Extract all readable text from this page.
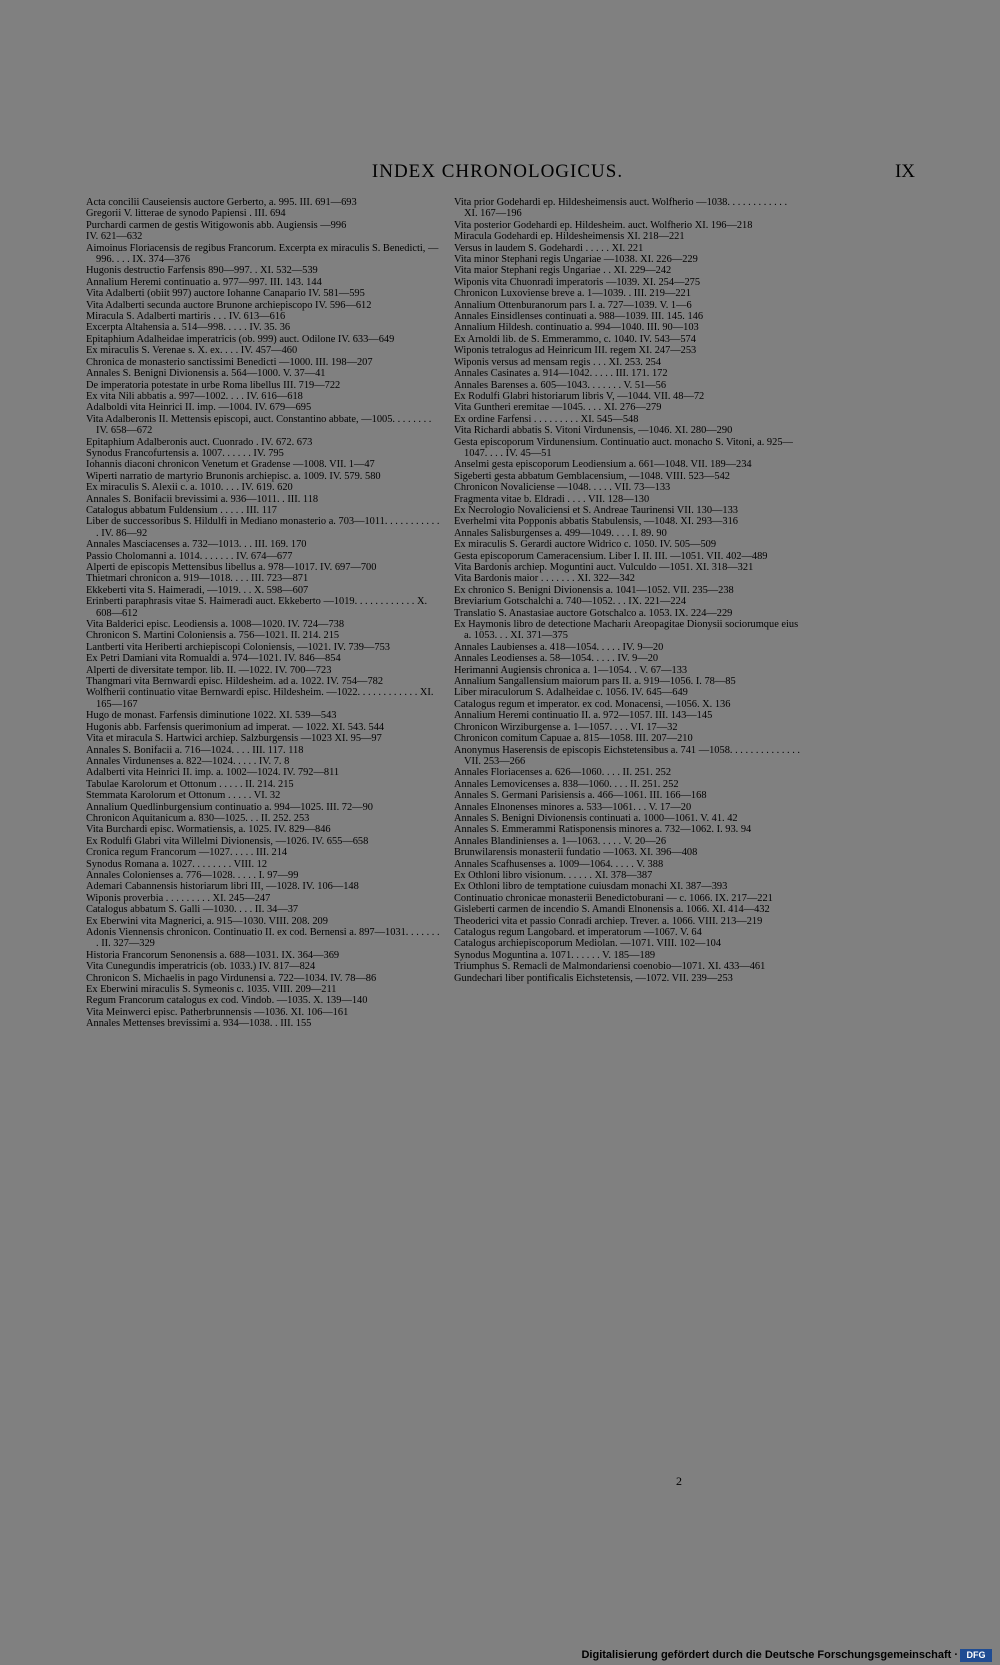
INDEX CHRONOLOGICUS.	IX

Acta concilii Causeiensis auctore Gerberto, a. 995. III. 691—693

Gregorii V. litterae de synodo Papiensi . III. 694

Purchardi carmen de gestis Witigowonis abb. Augiensis —996

IV. 621—632

Aimoinus Floriacensis de regibus Francorum. Excerpta ex miraculis S. Benedicti, —996. . . . IX. 374—376

Hugonis destructio Farfensis 890—997. . XI. 532—539

Annalium Heremi continuatio a. 977—997. III. 143. 144

Vita Adalberti (obiit 997) auctore Iohanne Canapario IV. 581—595

Vita Adalberti secunda auctore Brunone archiepiscopo IV. 596—612

Miracula S. Adalberti martiris . . . IV. 613—616

Excerpta Altahensia a. 514—998. . . . . IV. 35. 36

Epitaphium Adalheidae imperatricis (ob. 999) auct. Odilone IV. 633—649

Ex miraculis S. Verenae s. X. ex. . . . IV. 457—460

Chronica de monasterio sanctissimi Benedicti —1000. III. 198—207

Annales S. Benigni Divionensis a. 564—1000. V. 37—41

De imperatoria potestate in urbe Roma libellus III. 719—722

Ex vita Nili abbatis a. 997—1002. . . . IV. 616—618

Adalboldi vita Heinrici II. imp. —1004. IV. 679—695

Vita Adalberonis II. Mettensis episcopi, auct. Constantino abbate, —1005. . . . . . . . IV. 658—672

Epitaphium Adalberonis auct. Cuonrado . IV. 672. 673

Synodus Francofurtensis a. 1007. . . . . . IV. 795

Iohannis diaconi chronicon Venetum et Gradense —1008. VII. 1—47

Wiperti narratio de martyrio Brunonis archiepisc. a. 1009. IV. 579. 580

Ex miraculis S. Alexii c. a. 1010. . . . IV. 619. 620

Annales S. Bonifacii brevissimi a. 936—1011. . III. 118

Catalogus abbatum Fuldensium . . . . . III. 117

Liber de successoribus S. Hildulfi in Mediano monasterio a. 703—1011. . . . . . . . . . . . IV. 86—92

Annales Masciacenses a. 732—1013. . . III. 169. 170

Passio Cholomanni a. 1014. . . . . . . IV. 674—677

Alperti de episcopis Mettensibus libellus a. 978—1017. IV. 697—700

Thietmari chronicon a. 919—1018. . . . III. 723—871

Ekkeberti vita S. Haimeradi, —1019. . . X. 598—607

Erinberti paraphrasis vitae S. Haimeradi auct. Ekkeberto —1019. . . . . . . . . . . . X. 608—612

Vita Balderici episc. Leodiensis a. 1008—1020. IV. 724—738

Chronicon S. Martini Coloniensis a. 756—1021. II. 214. 215

Lantberti vita Heriberti archiepiscopi Coloniensis, —1021. IV. 739—753

Ex Petri Damiani vita Romualdi a. 974—1021. IV. 846—854

Alperti de diversitate tempor. lib. II. —1022. IV. 700—723

Thangmari vita Bernwardi episc. Hildesheim. ad a. 1022. IV. 754—782

Wolfherii continuatio vitae Bernwardi episc. Hildesheim. —1022. . . . . . . . . . . . XI. 165—167

Hugo de monast. Farfensis diminutione 1022. XI. 539—543

Hugonis abb. Farfensis querimonium ad imperat. — 1022. XI. 543. 544

Vita et miracula S. Hartwici archiep. Salzburgensis —1023 XI. 95—97

Annales S. Bonifacii a. 716—1024. . . . III. 117. 118

Annales Virdunenses a. 822—1024. . . . . IV. 7. 8

Adalberti vita Heinrici II. imp. a. 1002—1024. IV. 792—811

Tabulae Karolorum et Ottonum . . . . . II. 214. 215

Stemmata Karolorum et Ottonum . . . . . VI. 32

Annalium Quedlinburgensium continuatio a. 994—1025. III. 72—90

Chronicon Aquitanicum a. 830—1025. . . II. 252. 253

Vita Burchardi episc. Wormatiensis, a. 1025. IV. 829—846

Ex Rodulfi Glabri vita Willelmi Divionensis, —1026. IV. 655—658

Cronica regum Francorum —1027. . . . . III. 214

Synodus Romana a. 1027. . . . . . . . VIII. 12

Annales Colonienses a. 776—1028. . . . . I. 97—99

Ademari Cabannensis historiarum libri III, —1028. IV. 106—148

Wiponis proverbia . . . . . . . . . XI. 245—247

Catalogus abbatum S. Galli —1030. . . . II. 34—37

Ex Eberwini vita Magnerici, a. 915—1030. VIII. 208. 209

Adonis Viennensis chronicon. Continuatio II. ex cod. Bernensi a. 897—1031. . . . . . . . II. 327—329

Historia Francorum Senonensis a. 688—1031. IX. 364—369

Vita Cunegundis imperatricis (ob. 1033.) IV. 817—824

Chronicon S. Michaelis in pago Virdunensi a. 722—1034. IV. 78—86

Ex Eberwini miraculis S. Symeonis c. 1035. VIII. 209—211

Regum Francorum catalogus ex cod. Vindob. —1035. X. 139—140

Vita Meinwerci episc. Patherbrunnensis —1036. XI. 106—161

Annales Mettenses brevissimi a. 934—1038. . III. 155

Vita prior Godehardi ep. Hildesheimensis auct. Wolfherio —1038. . . . . . . . . . . . XI. 167—196

Vita posterior Godehardi ep. Hildesheim. auct. Wolfherio XI. 196—218

Miracula Godehardi ep. Hildesheimensis XI. 218—221

Versus in laudem S. Godehardi . . . . . XI. 221

Vita minor Stephani regis Ungariae —1038. XI. 226—229

Vita maior Stephani regis Ungariae . . XI. 229—242

Wiponis vita Chuonradi imperatoris —1039. XI. 254—275

Chronicon Luxoviense breve a. 1—1039. . III. 219—221

Annalium Ottenburanorum pars I. a. 727—1039. V. 1—6

Annales Einsidlenses continuati a. 988—1039. III. 145. 146

Annalium Hildesh. continuatio a. 994—1040. III. 90—103

Ex Arnoldi lib. de S. Emmerammo, c. 1040. IV. 543—574

Wiponis tetralogus ad Heinricum III. regem XI. 247—253

Wiponis versus ad mensam regis . . . XI. 253. 254

Annales Casinates a. 914—1042. . . . . III. 171. 172

Annales Barenses a. 605—1043. . . . . . . V. 51—56

Ex Rodulfi Glabri historiarum libris V, —1044. VII. 48—72

Vita Guntheri eremitae —1045. . . . XI. 276—279

Ex ordine Farfensi . . . . . . . . . XI. 545—548

Vita Richardi abbatis S. Vitoni Virdunensis, —1046. XI. 280—290

Gesta episcoporum Virdunensium. Continuatio auct. monacho S. Vitoni, a. 925—1047. . . . IV. 45—51

Anselmi gesta episcoporum Leodiensium a. 661—1048. VII. 189—234

Sigeberti gesta abbatum Gemblacensium, —1048. VIII. 523—542

Chronicon Novaliciense —1048. . . . . VII. 73—133

Fragmenta vitae b. Eldradi . . . . VII. 128—130

Ex Necrologio Novaliciensi et S. Andreae Taurinensi VII. 130—133

Everhelmi vita Popponis abbatis Stabulensis, —1048. XI. 293—316

Annales Salisburgenses a. 499—1049. . . . I. 89. 90

Ex miraculis S. Gerardi auctore Widrico c. 1050. IV. 505—509

Gesta episcoporum Cameracensium. Liber I. II. III. —1051. VII. 402—489

Vita Bardonis archiep. Moguntini auct. Vulculdo —1051. XI. 318—321

Vita Bardonis maior . . . . . . . XI. 322—342

Ex chronico S. Benigni Divionensis a. 1041—1052. VII. 235—238

Breviarium Gotschalchi a. 740—1052. . . IX. 221—224

Translatio S. Anastasiae auctore Gotschalco a. 1053. IX. 224—229

Ex Haymonis libro de detectione Machariι Areopagitae Dionysii sociorumque eius a. 1053. . . XI. 371—375

Annales Laubienses a. 418—1054. . . . . IV. 9—20

Annales Leodienses a. 58—1054. . . . . IV. 9—20

Herimanni Augiensis chronica a. 1—1054. . V. 67—133

Annalium Sangallensium maiorum pars II. a. 919—1056. I. 78—85

Liber miraculorum S. Adalheidae c. 1056. IV. 645—649

Catalogus regum et imperator. ex cod. Monacensi, —1056. X. 136

Annalium Heremi continuatio II. a. 972—1057. III. 143—145

Chronicon Wirziburgense a. 1—1057. . . . VI. 17—32

Chronicon comitum Capuae a. 815—1058. III. 207—210

Anonymus Haserensis de episcopis Eichstetensibus a. 741 —1058. . . . . . . . . . . . . . VII. 253—266

Annales Floriacenses a. 626—1060. . . . II. 251. 252

Annales Lemovicenses a. 838—1060. . . . II. 251. 252

Annales S. Germani Parisiensis a. 466—1061. III. 166—168

Annales Elnonenses minores a. 533—1061. . . V. 17—20

Annales S. Benigni Divionensis continuati a. 1000—1061. V. 41. 42

Annales S. Emmerammi Ratisponensis minores a. 732—1062. I. 93. 94

Annales Blandinienses a. 1—1063. . . . . V. 20—26

Brunwilarensis monasterii fundatio —1063. XI. 396—408

Annales Scafhusenses a. 1009—1064. . . . . V. 388

Ex Othloni libro visionum. . . . . . XI. 378—387

Ex Othloni libro de temptatione cuiusdam monachi XI. 387—393

Continuatio chronicae monasterii Benedictoburani — c. 1066. IX. 217—221

Gisleberti carmen de incendio S. Amandi Elnonensis a. 1066. XI. 414—432

Theoderici vita et passio Conradi archiep. Trever. a. 1066. VIII. 213—219

Catalogus regum Langobard. et imperatorum —1067. V. 64

Catalogus archiepiscoporum Mediolan. —1071. VIII. 102—104

Synodus Moguntina a. 1071. . . . . . V. 185—189

Triumphus S. Remacli de Malmondariensi coenobio—1071. XI. 433—461

Gundechari liber pontificalis Eichstetensis, —1072. VII. 239—253

2
Digitalisierung gefördert durch die Deutsche Forschungsgemeinschaft · DFG
